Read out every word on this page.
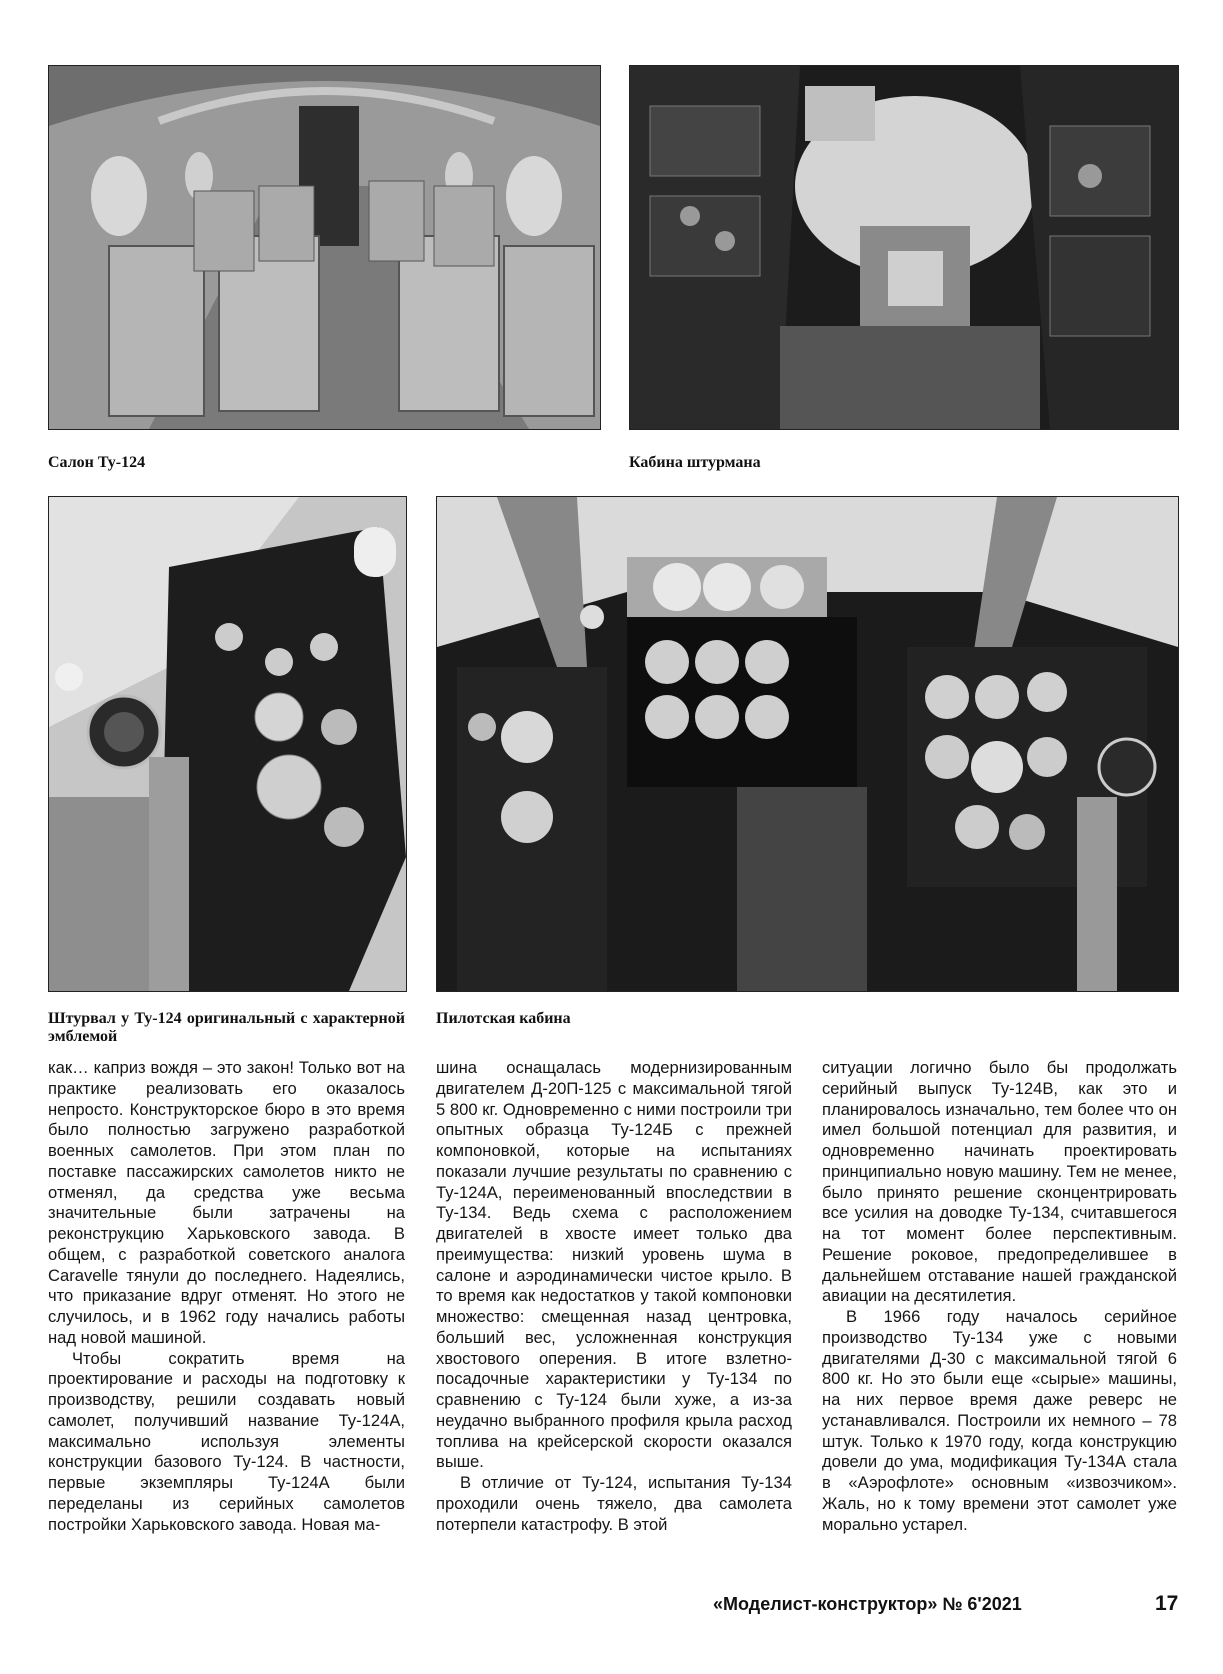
Салон Ту-124	Кабина штурмана
Штурвал у Ту-124 оригинальный с характерной эмблемой
Пилотская кабина

как… каприз вождя – это закон! Только вот на практике реализовать его оказалось непросто. Конструкторское бюро в это время было полностью загружено разработкой военных самолетов. При этом план по поставке пассажирских самолетов никто не отменял, да средства уже весьма значительные были затрачены на реконструкцию Харьковского завода. В общем, с разработкой советского аналога Caravelle тянули до последнего. Надеялись, что приказание вдруг отменят. Но этого не случилось, и в 1962 году начались работы над новой машиной.

Чтобы сократить время на проектирование и расходы на подготовку к производству, решили создавать новый самолет, получивший название Ту-124А, максимально используя элементы конструкции базового Ту-124. В частности, первые экземпляры Ту-124А были переделаны из серийных самолетов постройки Харьковского завода. Новая ма-

шина оснащалась модернизированным двигателем Д-20П-125 с максимальной тягой 5 800 кг. Одновременно с ними построили три опытных образца Ту-124Б с прежней компоновкой, которые на испытаниях показали лучшие результаты по сравнению с Ту-124А, переименованный впоследствии в Ту-134. Ведь схема с расположением двигателей в хвосте имеет только два преимущества: низкий уровень шума в салоне и аэродинамически чистое крыло. В то время как недостатков у такой компоновки множество: смещенная назад центровка, больший вес, усложненная конструкция хвостового оперения. В итоге взлетно-посадочные характеристики у Ту-134 по сравнению с Ту-124 были хуже, а из-за неудачно выбранного профиля крыла расход топлива на крейсерской скорости оказался выше.

В отличие от Ту-124, испытания Ту-134 проходили очень тяжело, два самолета потерпели катастрофу. В этой

ситуации логично было бы продолжать серийный выпуск Ту-124В, как это и планировалось изначально, тем более что он имел большой потенциал для развития, и одновременно начинать проектировать принципиально новую машину. Тем не менее, было принято решение сконцентрировать все усилия на доводке Ту-134, считавшегося на тот момент более перспективным. Решение роковое, предопределившее в дальнейшем отставание нашей гражданской авиации на десятилетия.

В 1966 году началось серийное производство Ту-134 уже с новыми двигателями Д-30 с максимальной тягой 6 800 кг. Но это были еще «сырые» машины, на них первое время даже реверс не устанавливался. Построили их немного – 78 штук. Только к 1970 году, когда конструкцию довели до ума, модификация Ту-134А стала в «Аэрофлоте» основным «извозчиком». Жаль, но к тому времени этот самолет уже морально устарел.

«Моделист-конструктор» № 6'2021	17
